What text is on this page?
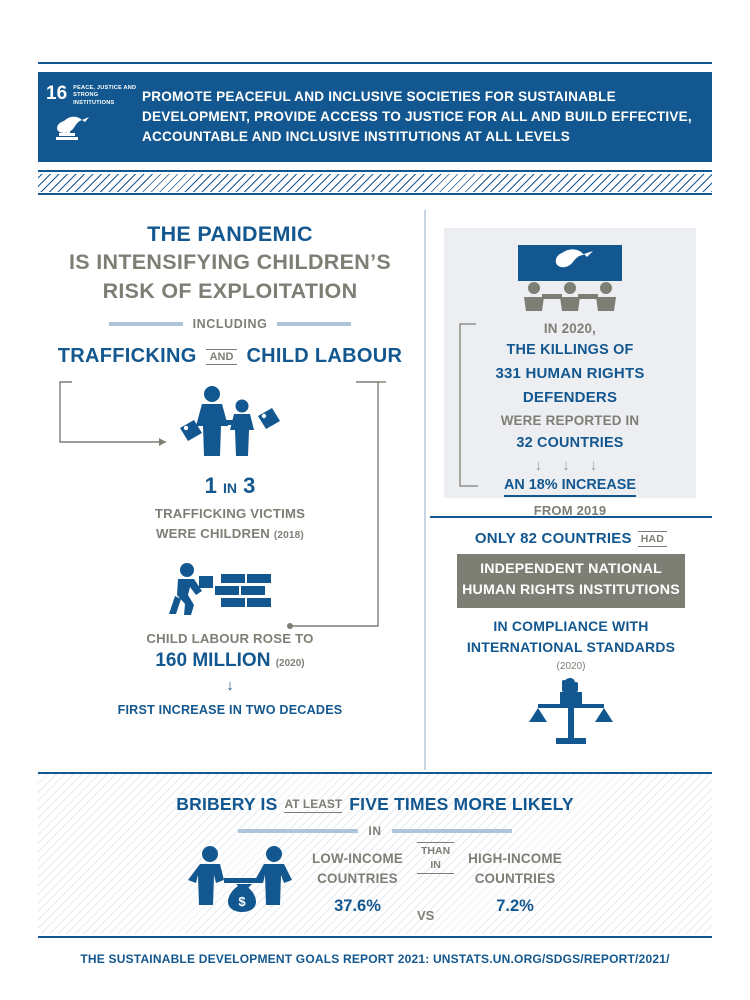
16 PEACE, JUSTICE AND STRONG INSTITUTIONS	PROMOTE PEACEFUL AND INCLUSIVE SOCIETIES FOR SUSTAINABLE DEVELOPMENT, PROVIDE ACCESS TO JUSTICE FOR ALL AND BUILD EFFECTIVE, ACCOUNTABLE AND INCLUSIVE INSTITUTIONS AT ALL LEVELS

THE PANDEMIC
IS INTENSIFYING CHILDREN’S
RISK OF EXPLOITATION
INCLUDING
TRAFFICKING	AND CHILD LABOUR
1 IN 3
TRAFFICKING VICTIMS
WERE CHILDREN (2018)
CHILD LABOUR ROSE TO
160 MILLION (2020)
↓
FIRST INCREASE IN TWO DECADES
IN 2020,
THE KILLINGS OF
331 HUMAN RIGHTS DEFENDERS
WERE REPORTED IN
32 COUNTRIES
↓ ↓ ↓
AN 18% INCREASE
FROM 2019
ONLY 82 COUNTRIES HAD
INDEPENDENT NATIONAL
HUMAN RIGHTS INSTITUTIONS
IN COMPLIANCE WITH
INTERNATIONAL STANDARDS
(2020)
BRIBERY IS AT LEAST FIVE TIMES MORE LIKELY
IN
$
LOW-INCOME
COUNTRIES
37.6%
THAN
IN
VS
HIGH-INCOME
COUNTRIES
7.2%
THE SUSTAINABLE DEVELOPMENT GOALS REPORT 2021: UNSTATS.UN.ORG/SDGS/REPORT/2021/
